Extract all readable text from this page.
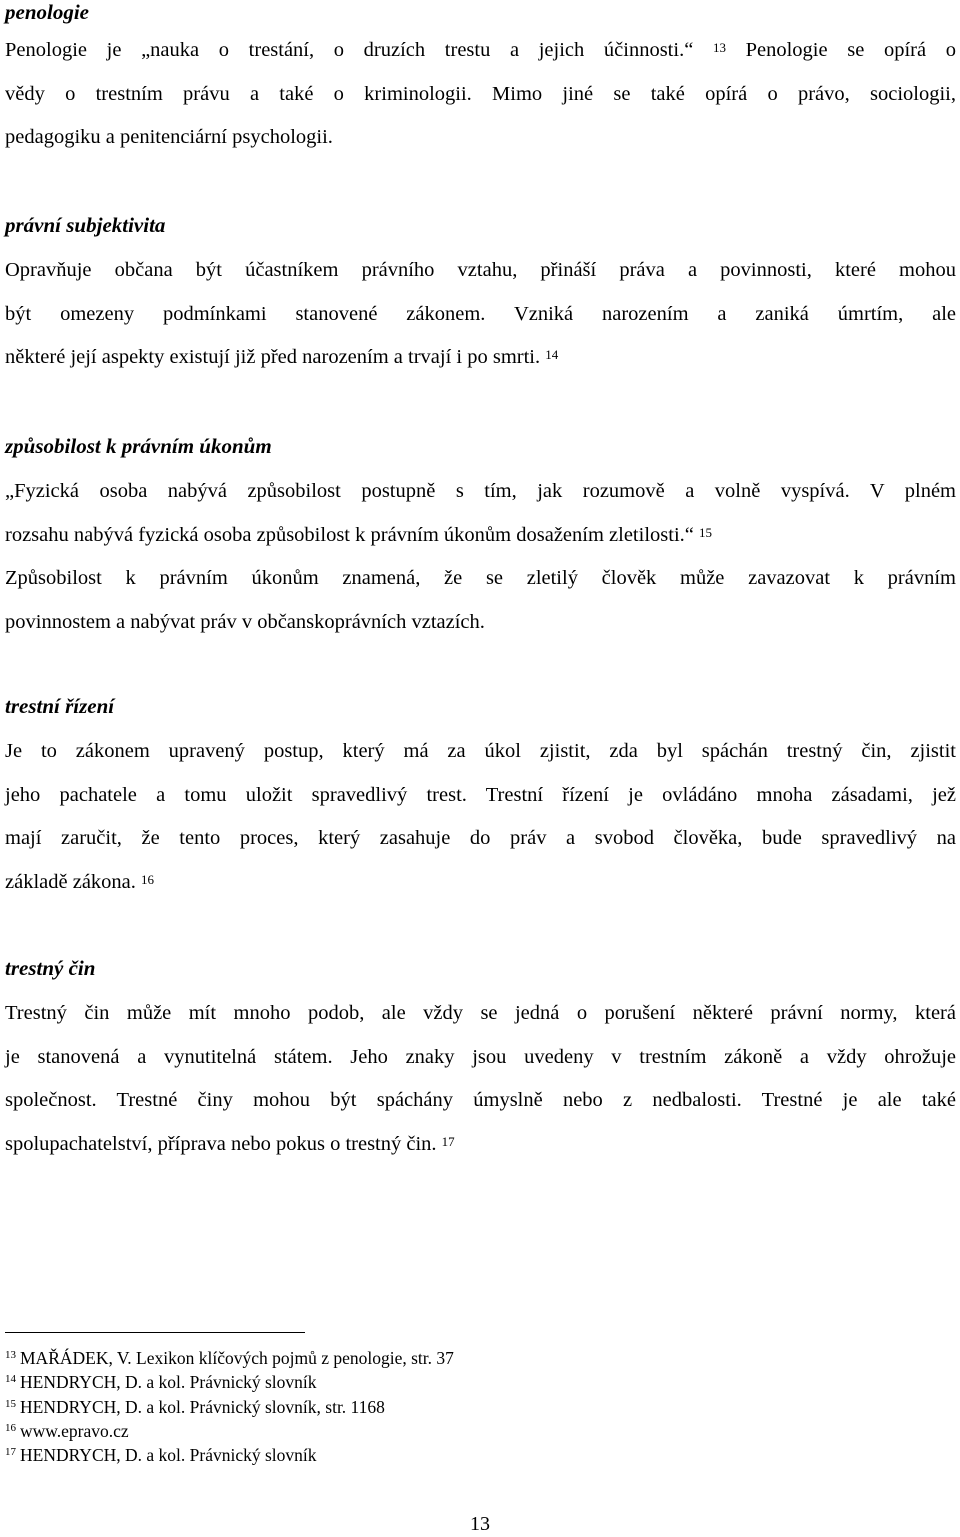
penologie

Penologie je „nauka o trestání, o druzích trestu a jejich účinnosti.“ $^{13}$ Penologie se opírá o
vědy o trestním právu a také o kriminologii. Mimo jiné se také opírá o právo, sociologii,
pedagogiku a penitenciární psychologii.

právní subjektivita

Opravňuje občana být účastníkem právního vztahu, přináší práva a povinnosti, které mohou
být omezeny podmínkami stanovené zákonem. Vzniká narozením a zaniká úmrtím, ale
některé její aspekty existují již před narozením a trvají i po smrti. $^{14}$

způsobilost k právním úkonům

„Fyzická osoba nabývá způsobilost postupně s tím, jak rozumově a volně vyspívá. V plném
rozsahu nabývá fyzická osoba způsobilost k právním úkonům dosažením zletilosti.“ $^{15}$
Způsobilost k právním úkonům znamená, že se zletilý člověk může zavazovat k právním
povinnostem a nabývat práv v občanskoprávních vztazích.

trestní řízení

Je to zákonem upravený postup, který má za úkol zjistit, zda byl spáchán trestný čin, zjistit
jeho pachatele a tomu uložit spravedlivý trest. Trestní řízení je ovládáno mnoha zásadami, jež
mají zaručit, že tento proces, který zasahuje do práv a svobod člověka, bude spravedlivý na
základě zákona. $^{16}$

trestný čin

Trestný čin může mít mnoho podob, ale vždy se jedná o porušení některé právní normy, která
je stanovená a vynutitelná státem. Jeho znaky jsou uvedeny v trestním zákoně a vždy ohrožuje
společnost. Trestné činy mohou být spáchány úmyslně nebo z nedbalosti. Trestné je ale také
spolupachatelství, příprava nebo pokus o trestný čin. $^{17}$
$^{13}$ MAŘÁDEK, V. Lexikon klíčových pojmů z penologie, str. 37
$^{14}$ HENDRYCH, D. a kol. Právnický slovník
$^{15}$ HENDRYCH, D. a kol. Právnický slovník, str. 1168
$^{16}$ www.epravo.cz
$^{17}$ HENDRYCH, D. a kol. Právnický slovník
13
